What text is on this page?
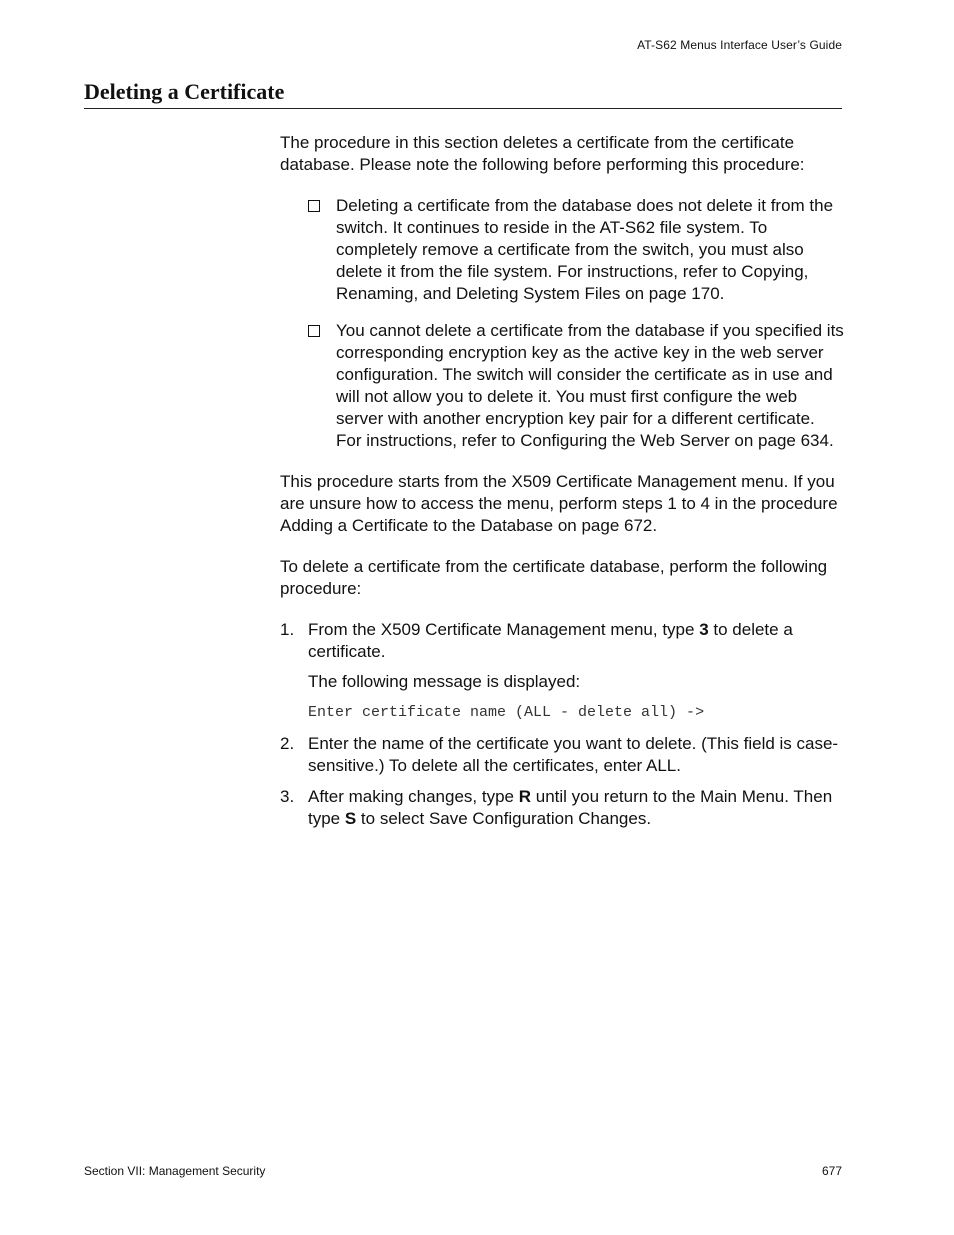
AT-S62 Menus Interface User’s Guide
Deleting a Certificate

The procedure in this section deletes a certificate from the certificate database. Please note the following before performing this procedure:

Deleting a certificate from the database does not delete it from the switch. It continues to reside in the AT-S62 file system. To completely remove a certificate from the switch, you must also delete it from the file system. For instructions, refer to Copying, Renaming, and Deleting System Files on page 170.
You cannot delete a certificate from the database if you specified its corresponding encryption key as the active key in the web server configuration. The switch will consider the certificate as in use and will not allow you to delete it. You must first configure the web server with another encryption key pair for a different certificate. For instructions, refer to Configuring the Web Server on page 634.

This procedure starts from the X509 Certificate Management menu. If you are unsure how to access the menu, perform steps 1 to 4 in the procedure Adding a Certificate to the Database on page 672.

To delete a certificate from the certificate database, perform the following procedure:

1. From the X509 Certificate Management menu, type 3 to delete a certificate.
The following message is displayed:
Enter certificate name (ALL - delete all) ->
2. Enter the name of the certificate you want to delete. (This field is case-sensitive.) To delete all the certificates, enter ALL.
3. After making changes, type R until you return to the Main Menu. Then type S to select Save Configuration Changes.
Section VII: Management Security	677
